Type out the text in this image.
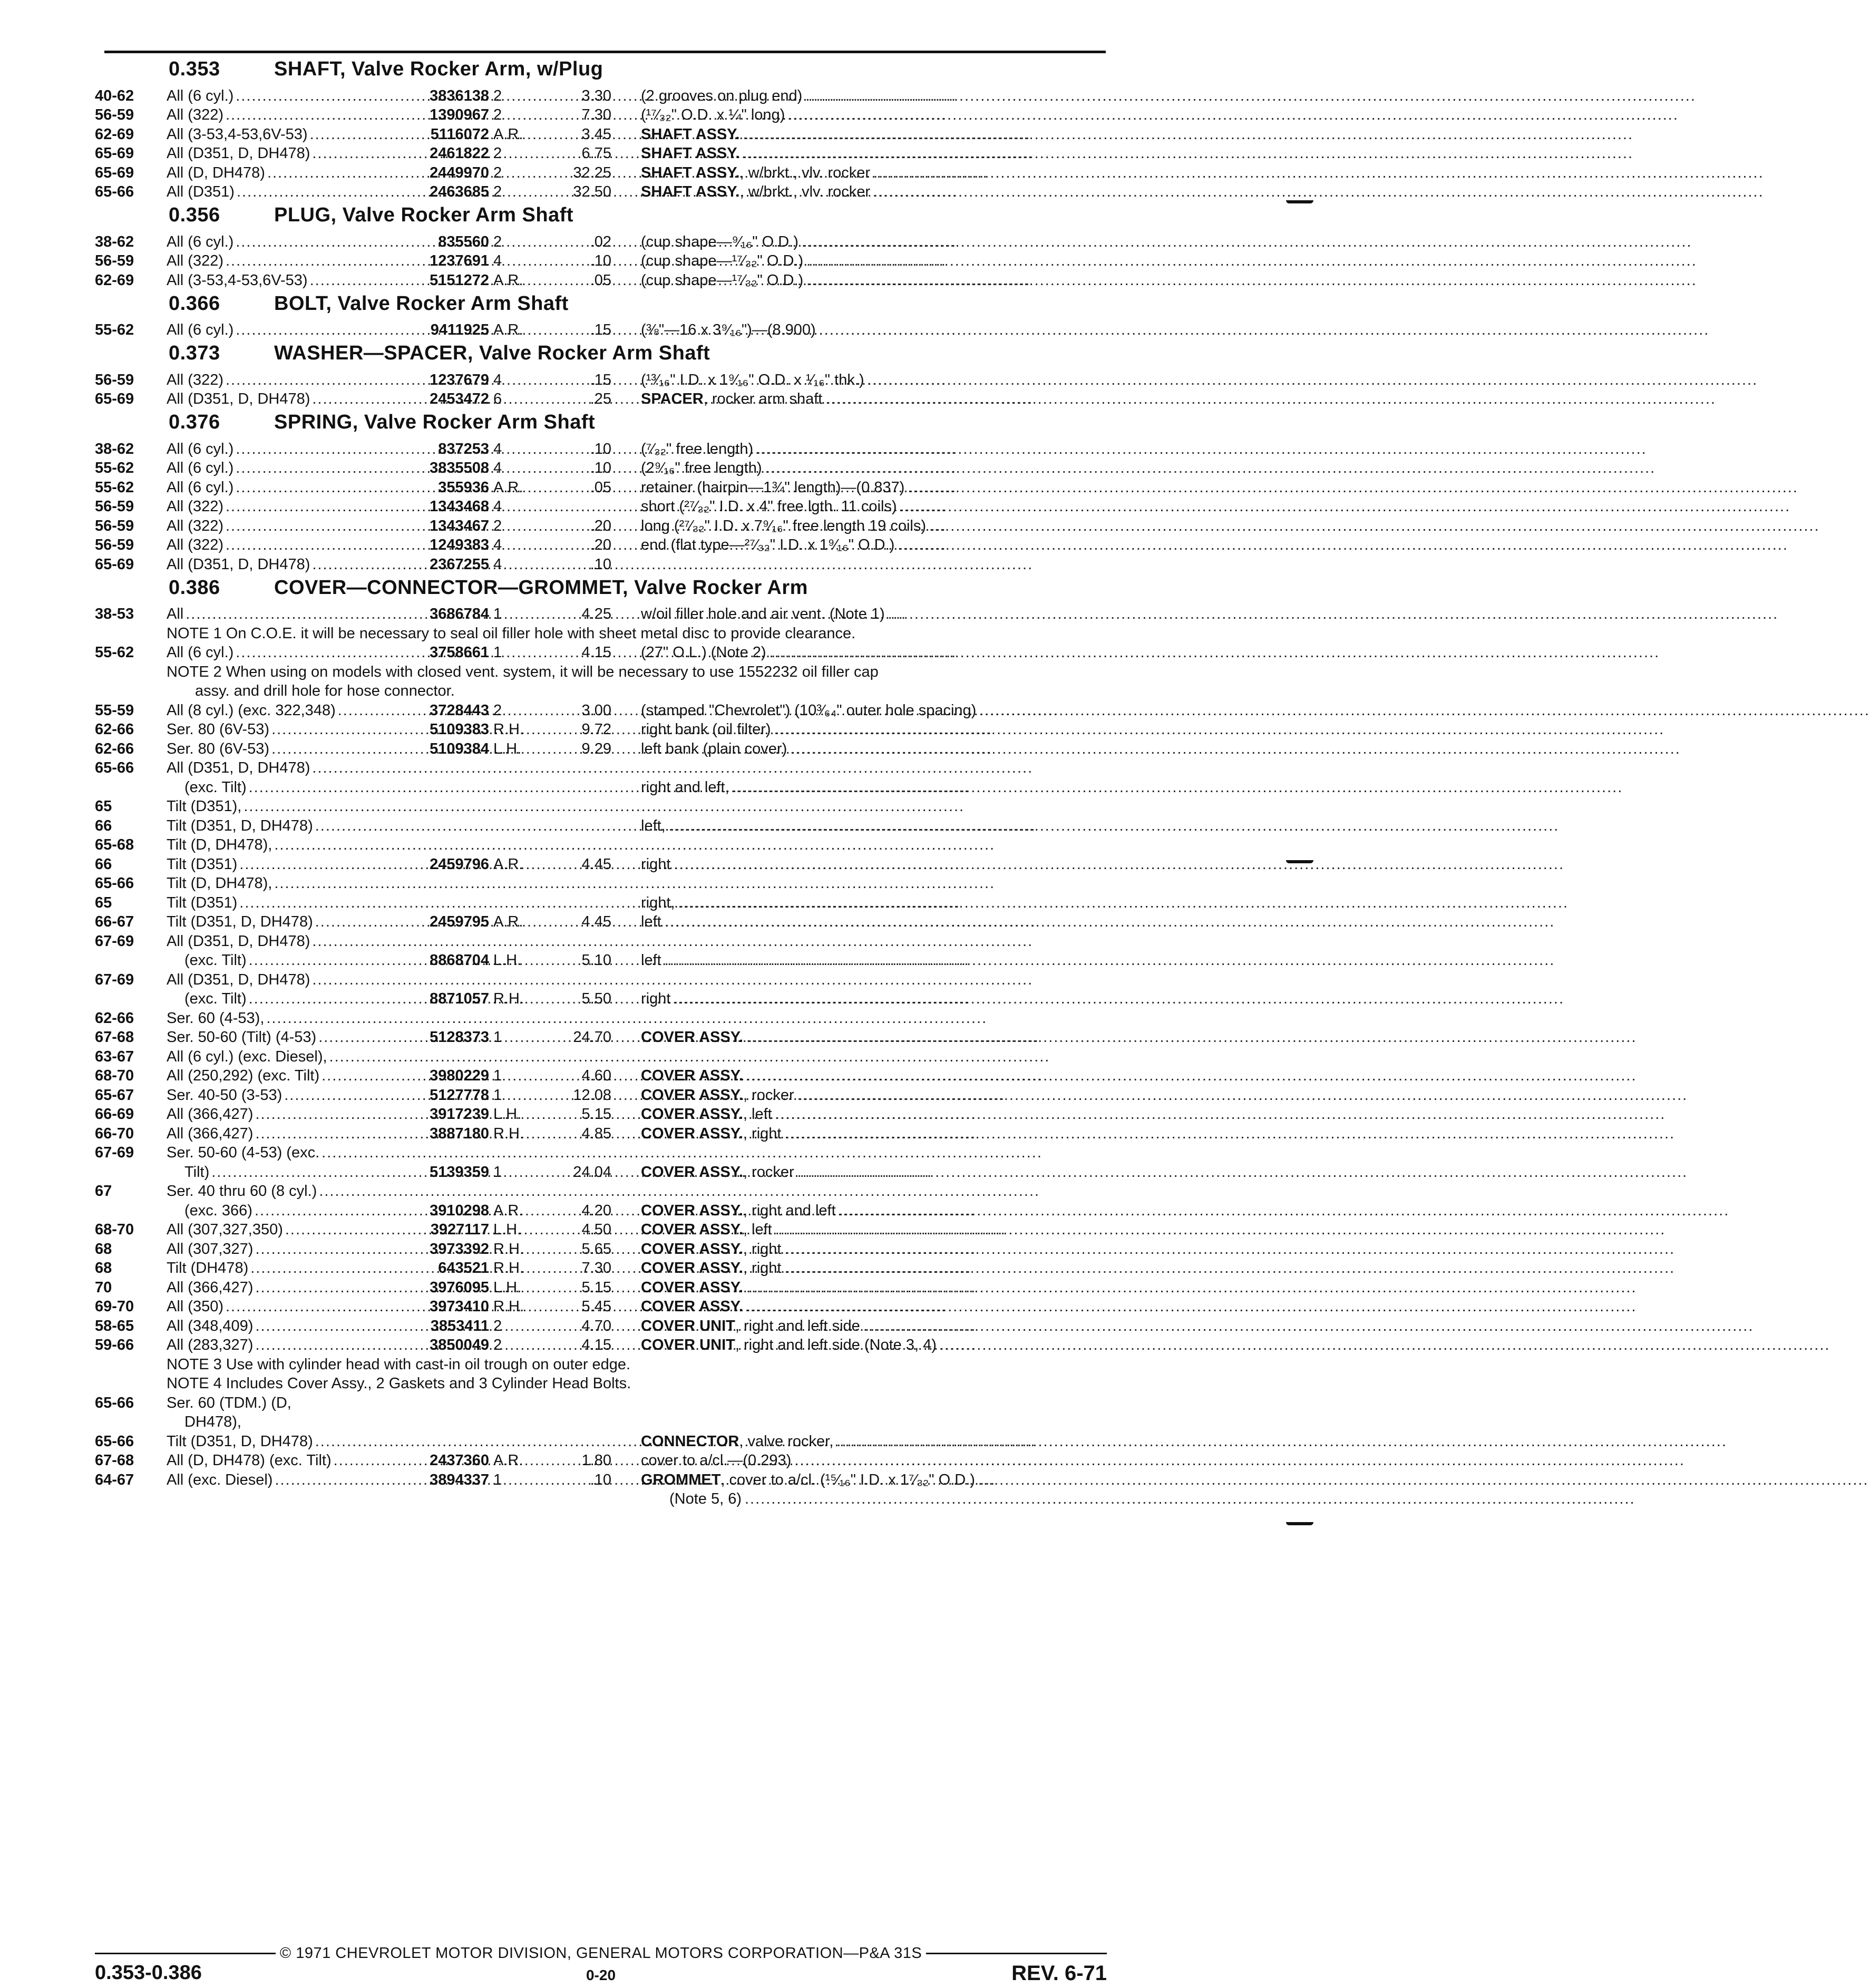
0.353	SHAFT, Valve Rocker Arm, w/Plug
40-62	All (6 cyl.) .....	3836138 2	3.30 (2 grooves on plug end)
.....
56-59	All (322) .....	1390967 2	7.30 (¹⁷⁄₃₂" O.D. x ¼" long)
.....
62-69	All (3-53,4-53,6V-53) .....	5116072 A.R.	3.45 SHAFT ASSY.
.....
65-69	All (D351, D, DH478) .....	2461822 2	6.75 SHAFT ASSY.
.....
65-69	All (D, DH478) .....	2449970 2	32.25 SHAFT ASSY., w/brkt., vlv. rocker
.....
65-66	All (D351) .....	2463685 2	32.50 SHAFT ASSY., w/brkt., vlv. rocker
.....
0.356	PLUG, Valve Rocker Arm Shaft
38-62	All (6 cyl.) .....	835560 2	.02 (cup shape—⁹⁄₁₆" O.D.)
.....
56-59	All (322) .....	1237691 4	.10 (cup shape—¹⁷⁄₃₂" O.D.)
.....
62-69	All (3-53,4-53,6V-53) .....	5151272 A.R.	.05 (cup shape—¹⁷⁄₃₂" O.D.)
.....
0.366	BOLT, Valve Rocker Arm Shaft
55-62	All (6 cyl.) .....	9411925 A.R.	.15 (⅜"—16 x 3⁹⁄₁₆")—(8.900)
.....
0.373	WASHER—SPACER, Valve Rocker Arm Shaft
56-59	All (322) .....	1237679 4	.15 (¹³⁄₁₆" I.D. x 1⁹⁄₁₆" O.D. x ¹⁄₁₆" thk.)
.....
65-69	All (D351, D, DH478) .....	2453472 6	.25 SPACER, rocker arm shaft
.....
0.376	SPRING, Valve Rocker Arm Shaft
38-62	All (6 cyl.) .....	837253 4	.10 (⁷⁄₃₂" free length)
.....
55-62	All (6 cyl.) .....	3835508 4	.10 (2⁹⁄₁₆" free length)
.....
55-62	All (6 cyl.) .....	355936 A.R.	.05 retainer (hairpin—1¾" length)—(0.837)
.....
56-59	All (322) .....	1343468 4	short (²⁷⁄₃₂" I.D. x 4" free lgth. 11 coils)
.....
56-59	All (322) .....	1343467 2	.20 long (²⁷⁄₃₂" I.D. x 7⁹⁄₁₆" free length 19 coils)
.....
56-59	All (322) .....	1249383 4	.20 end (flat type—²⁷⁄₃₂" I.D. x 1⁹⁄₁₆" O.D.)
.....
65-69	All (D351, D, DH478) .....	2367255 4	.10
0.386	COVER—CONNECTOR—GROMMET, Valve Rocker Arm
38-53	All .....	3686784 1	4.25 w/oil filler hole and air vent. (Note 1)
.....
NOTE 1 On C.O.E. it will be necessary to seal oil filler hole with sheet metal disc to provide clearance.
55-62	All (6 cyl.) .....	3758661 1	4.15 (27" O.L.) (Note 2)
.....
NOTE 2 When using on models with closed vent. system, it will be necessary to use 1552232 oil filler cap
assy. and drill hole for hose connector.
55-59	All (8 cyl.) (exc. 322,348) .....	3728443 2	3.00 (stamped "Chevrolet") (10³⁄₆₄" outer hole spacing)
.....
62-66	Ser. 80 (6V-53) .....	5109383 R.H.	9.72 right bank (oil filter)
.....
62-66	Ser. 80 (6V-53) .....	5109384 L.H.	9.29 left bank (plain cover)
.....
65-66	All (D351, D, DH478)
.....
(exc. Tilt) .....	right and left,
.....
65	Tilt (D351),
.....
66	Tilt (D351, D, DH478) .....	left,
.....
65-68	Tilt (D, DH478),
.....
66	Tilt (D351) .....	2459796 A.R.	4.45 right
.....
65-66	Tilt (D, DH478),
.....
65	Tilt (D351) .....	right,
.....
66-67	Tilt (D351, D, DH478) .....	2459795 A.R.	4.45 left
.....
67-69	All (D351, D, DH478)
.....
(exc. Tilt) .....	8868704 L.H.	5.10 left
.....
67-69	All (D351, D, DH478)
.....
(exc. Tilt) .....	8871057 R.H.	5.50 right
.....
62-66	Ser. 60 (4-53),
.....
67-68	Ser. 50-60 (Tilt) (4-53) .....	5128373 1	24.70 COVER ASSY.
.....
63-67	All (6 cyl.) (exc. Diesel),
.....
68-70	All (250,292) (exc. Tilt) .....	3980229 1	4.60 COVER ASSY.
.....
65-67	Ser. 40-50 (3-53) .....	5127778 1	12.08 COVER ASSY., rocker
.....
66-69	All (366,427) .....	3917239 L.H.	5.15 COVER ASSY., left
.....
66-70	All (366,427) .....	3887180 R.H.	4.85 COVER ASSY., right
.....
67-69	Ser. 50-60 (4-53) (exc.
.....
Tilt) .....	5139359 1	24.04 COVER ASSY., rocker
.....
67	Ser. 40 thru 60 (8 cyl.)
.....
(exc. 366) .....	3910298 A.R.	4.20 COVER ASSY., right and left
.....
68-70	All (307,327,350) .....	3927117 L.H.	4.50 COVER ASSY., left
.....
68	All (307,327) .....	3973392 R.H.	5.65 COVER ASSY., right
.....
68	Tilt (DH478) .....	643521 R.H.	7.30 COVER ASSY., right
.....
70	All (366,427) .....	3976095 L.H.	5.15 COVER ASSY.
.....
69-70	All (350) .....	3973410 R.H.	5.45 COVER ASSY.
.....
58-65	All (348,409) .....	3853411 2	4.70 COVER UNIT, right and left side
.....
59-66	All (283,327) .....	3850049 2	4.15 COVER UNIT, right and left side (Note 3, 4)
.....
NOTE 3 Use with cylinder head with cast-in oil trough on outer edge.
NOTE 4 Includes Cover Assy., 2 Gaskets and 3 Cylinder Head Bolts.
65-66	Ser. 60 (TDM.) (D,
DH478),
65-66	Tilt (D351, D, DH478) .....	CONNECTOR, valve rocker,
.....
67-68	All (D, DH478) (exc. Tilt) .....	2437360 A.R.	1.80 cover to a/cl.—(0.293)
.....
64-67	All (exc. Diesel) .....	3894337 1	.10 GROMMET, cover to a/cl. (¹⁵⁄₁₆" I.D. x 1⁷⁄₃₂" O.D.)
.....
(Note 5, 6)
.....
© 1971 CHEVROLET MOTOR DIVISION, GENERAL MOTORS CORPORATION—P&A 31S
0.353-0.386	0-20	REV. 6-71
